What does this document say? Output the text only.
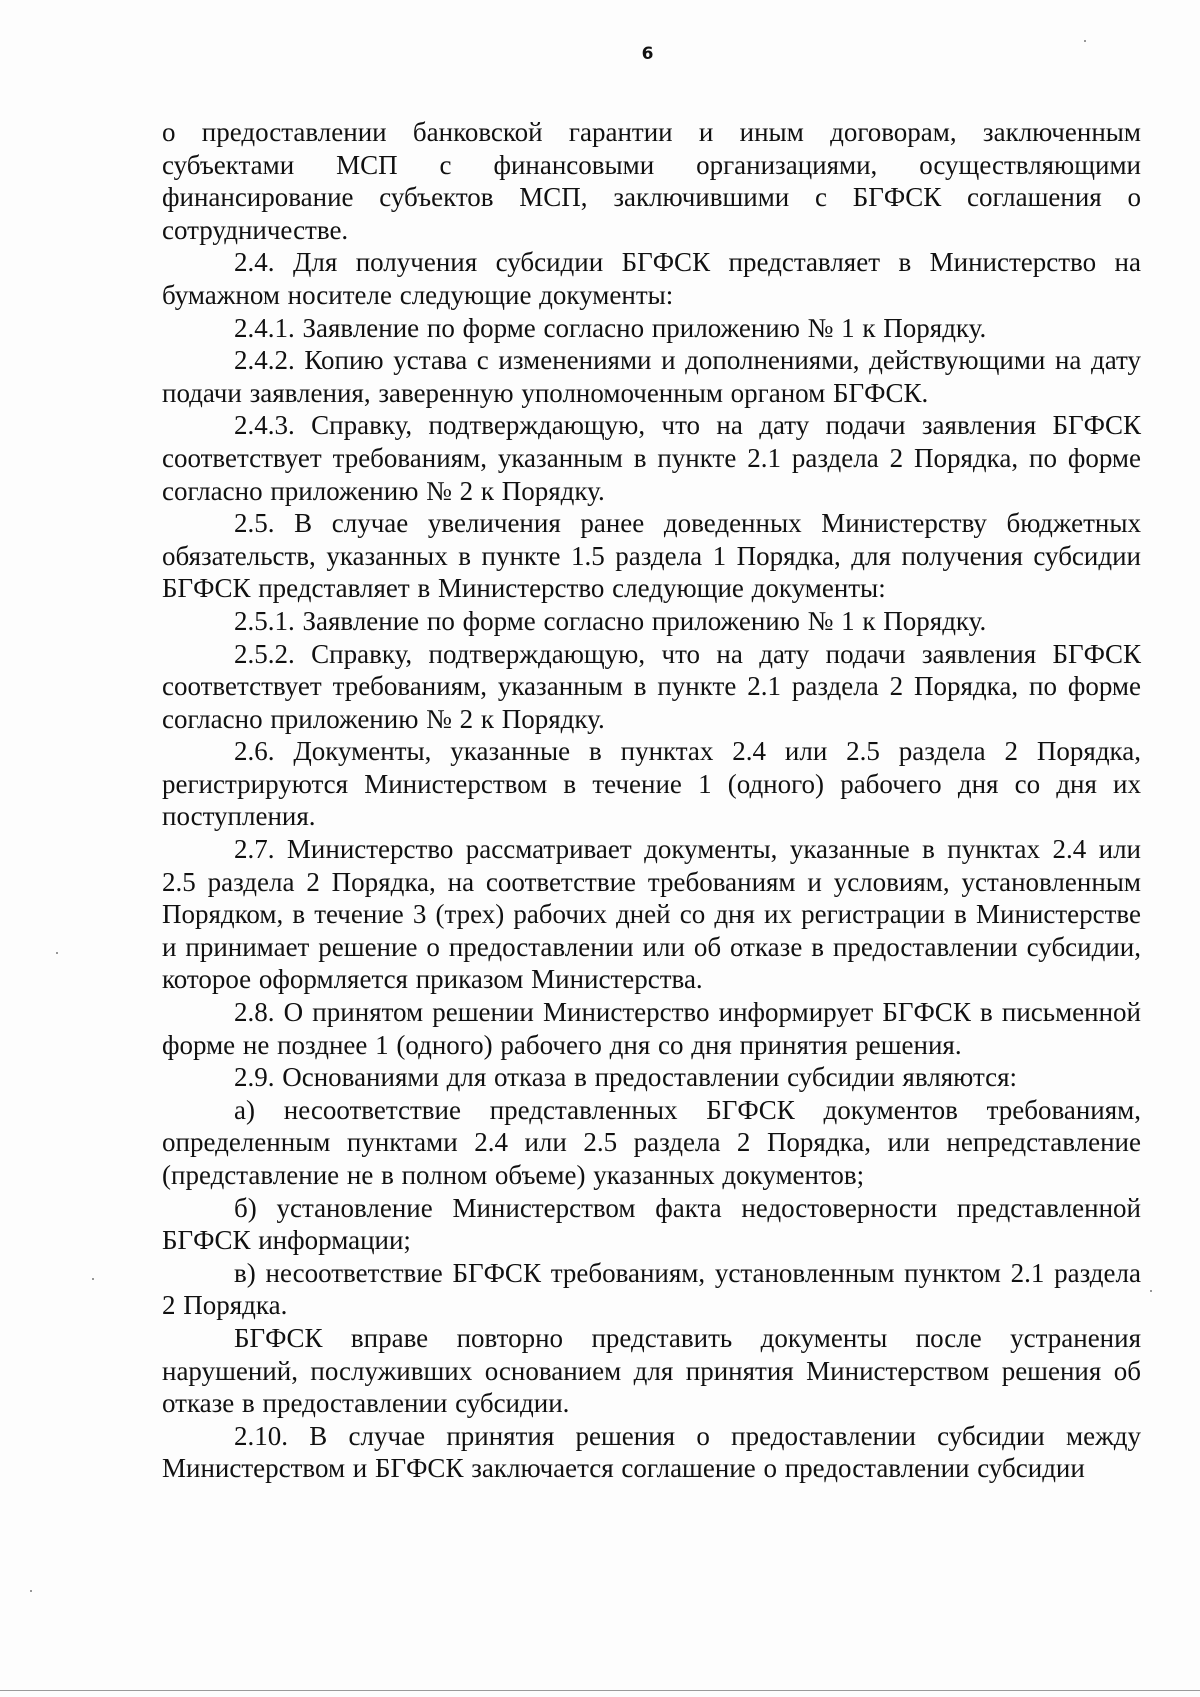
6

о предоставлении банковской гарантии и иным договорам, заключенным субъектами МСП с финансовыми организациями, осуществляющими финансирование субъектов МСП, заключившими с БГФСК соглашения о сотрудничестве.

2.4. Для получения субсидии БГФСК представляет в Министерство на бумажном носителе следующие документы:

2.4.1. Заявление по форме согласно приложению № 1 к Порядку.

2.4.2. Копию устава с изменениями и дополнениями, действующими на дату подачи заявления, заверенную уполномоченным органом БГФСК.

2.4.3. Справку, подтверждающую, что на дату подачи заявления БГФСК соответствует требованиям, указанным в пункте 2.1 раздела 2 Порядка, по форме согласно приложению № 2 к Порядку.

2.5. В случае увеличения ранее доведенных Министерству бюджетных обязательств, указанных в пункте 1.5 раздела 1 Порядка, для получения субсидии БГФСК представляет в Министерство следующие документы:

2.5.1. Заявление по форме согласно приложению № 1 к Порядку.

2.5.2. Справку, подтверждающую, что на дату подачи заявления БГФСК соответствует требованиям, указанным в пункте 2.1 раздела 2 Порядка, по форме согласно приложению № 2 к Порядку.

2.6. Документы, указанные в пунктах 2.4 или 2.5 раздела 2 Порядка, регистрируются Министерством в течение 1 (одного) рабочего дня со дня их поступления.

2.7. Министерство рассматривает документы, указанные в пунктах 2.4 или 2.5 раздела 2 Порядка, на соответствие требованиям и условиям, установленным Порядком, в течение 3 (трех) рабочих дней со дня их регистрации в Министерстве и принимает решение о предоставлении или об отказе в предоставлении субсидии, которое оформляется приказом Министерства.

2.8. О принятом решении Министерство информирует БГФСК в письменной форме не позднее 1 (одного) рабочего дня со дня принятия решения.

2.9. Основаниями для отказа в предоставлении субсидии являются:

а) несоответствие представленных БГФСК документов требованиям, определенным пунктами 2.4 или 2.5 раздела 2 Порядка, или непредставление (представление не в полном объеме) указанных документов;

б) установление Министерством факта недостоверности представленной БГФСК информации;

в) несоответствие БГФСК требованиям, установленным пунктом 2.1 раздела 2 Порядка.

БГФСК вправе повторно представить документы после устранения нарушений, послуживших основанием для принятия Министерством решения об отказе в предоставлении субсидии.

2.10. В случае принятия решения о предоставлении субсидии между Министерством и БГФСК заключается соглашение о предоставлении субсидии
